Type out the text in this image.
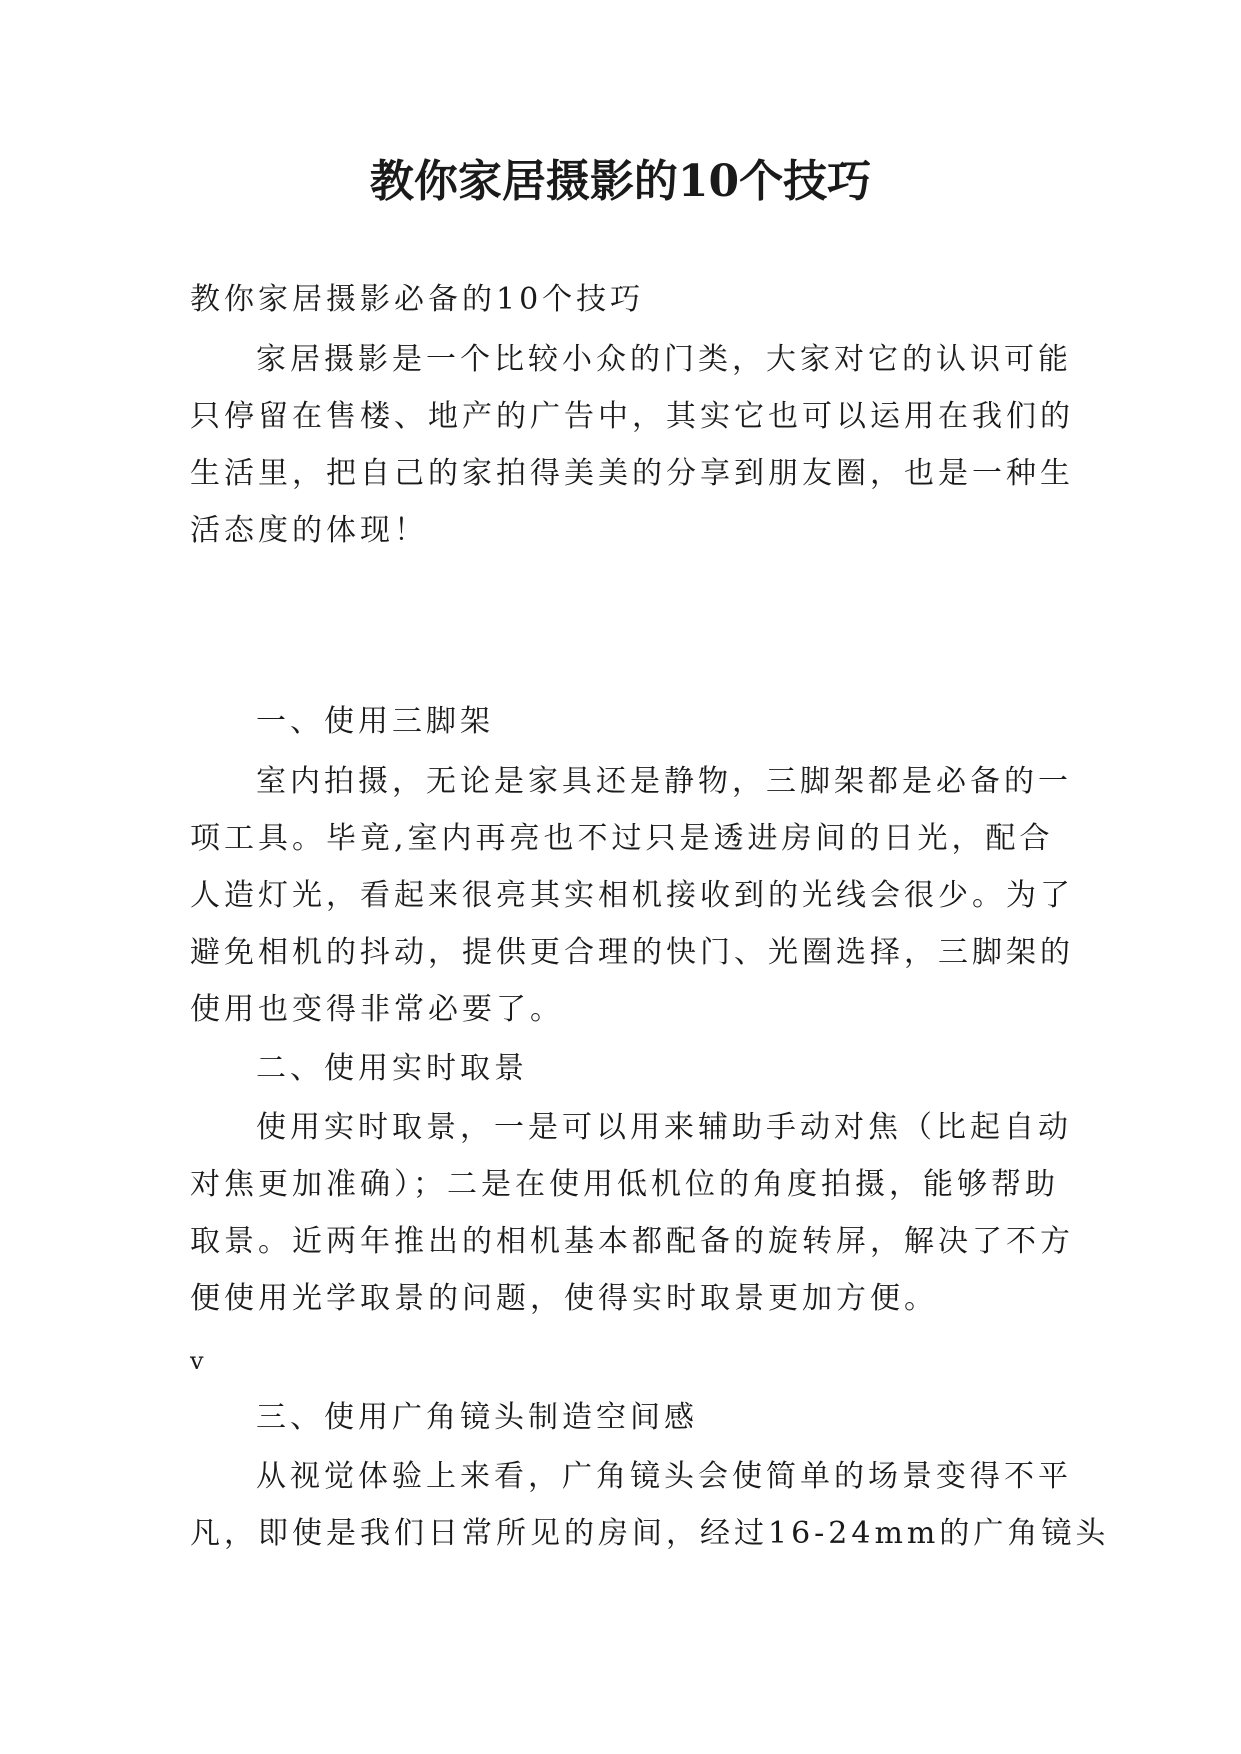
教你家居摄影的10个技巧

教你家居摄影必备的10个技巧

家居摄影是一个比较小众的门类，大家对它的认识可能

只停留在售楼、地产的广告中，其实它也可以运用在我们的

生活里，把自己的家拍得美美的分享到朋友圈，也是一种生

活态度的体现！

一、使用三脚架

室内拍摄，无论是家具还是静物，三脚架都是必备的一

项工具。毕竟,室内再亮也不过只是透进房间的日光，配合

人造灯光，看起来很亮其实相机接收到的光线会很少。为了

避免相机的抖动，提供更合理的快门、光圈选择，三脚架的

使用也变得非常必要了。

二、使用实时取景

使用实时取景，一是可以用来辅助手动对焦（比起自动

对焦更加准确）；二是在使用低机位的角度拍摄，能够帮助

取景。近两年推出的相机基本都配备的旋转屏，解决了不方

便使用光学取景的问题，使得实时取景更加方便。

v

三、使用广角镜头制造空间感

从视觉体验上来看，广角镜头会使简单的场景变得不平

凡，即使是我们日常所见的房间，经过16-24mm的广角镜头
